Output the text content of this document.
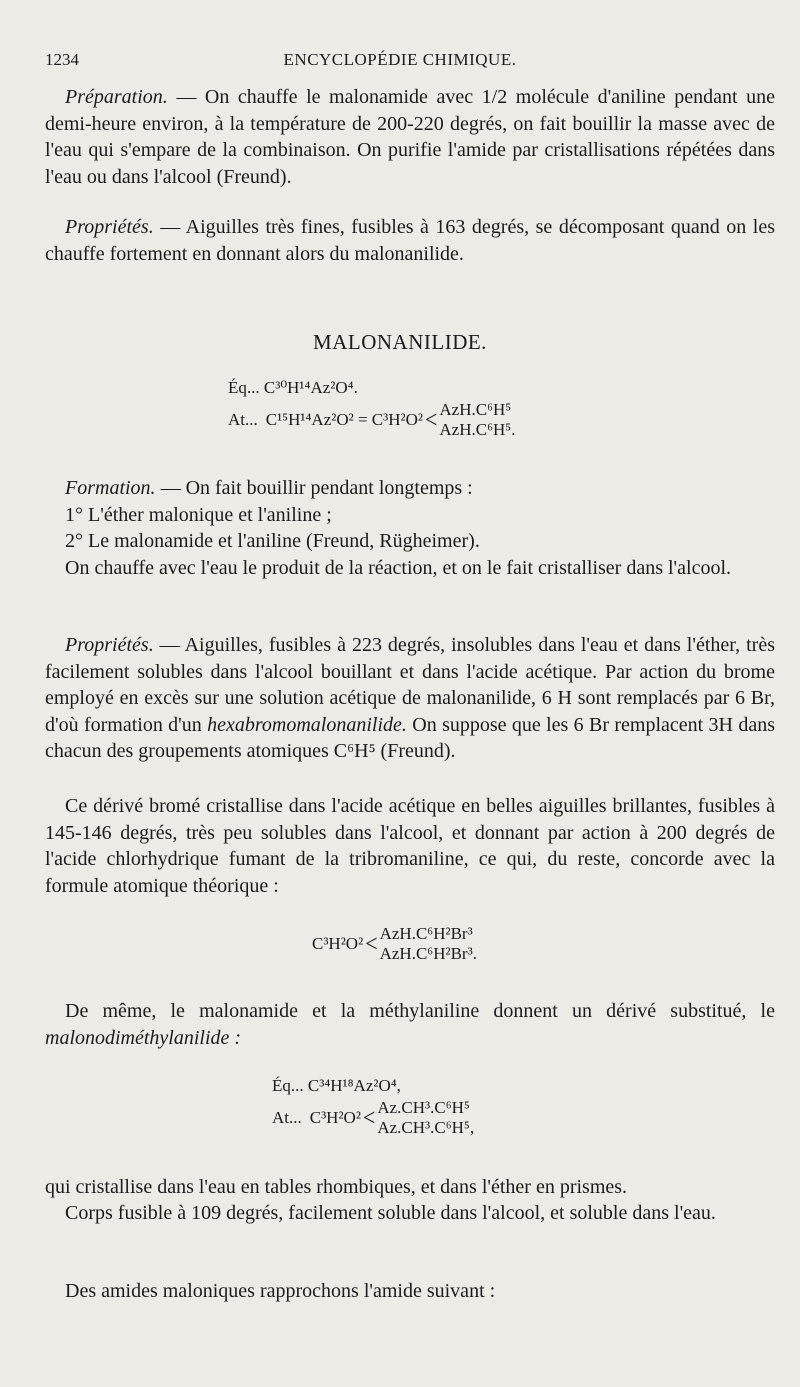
1234	ENCYCLOPÉDIE CHIMIQUE.

Préparation. — On chauffe le malonamide avec 1/2 molécule d'aniline pendant une demi-heure environ, à la température de 200-220 degrés, on fait bouillir la masse avec de l'eau qui s'empare de la combinaison. On purifie l'amide par cristallisations répétées dans l'eau ou dans l'alcool (Freund).

Propriétés. — Aiguilles très fines, fusibles à 163 degrés, se décomposant quand on les chauffe fortement en donnant alors du malonanilide.

MALONANILIDE.
Éq... C³⁰H¹⁴Az²O⁴.
At... C¹⁵H¹⁴Az²O² = C³H²O² < AzH.C⁶H⁵
AzH.C⁶H⁵.

Formation. — On fait bouillir pendant longtemps :

1° L'éther malonique et l'aniline ;

2° Le malonamide et l'aniline (Freund, Rügheimer).

On chauffe avec l'eau le produit de la réaction, et on le fait cristalliser dans l'alcool.

Propriétés. — Aiguilles, fusibles à 223 degrés, insolubles dans l'eau et dans l'éther, très facilement solubles dans l'alcool bouillant et dans l'acide acétique. Par action du brome employé en excès sur une solution acétique de malonanilide, 6 H sont remplacés par 6 Br, d'où formation d'un hexabromomalonanilide. On suppose que les 6 Br remplacent 3H dans chacun des groupements atomiques C⁶H⁵ (Freund).

Ce dérivé bromé cristallise dans l'acide acétique en belles aiguilles brillantes, fusibles à 145-146 degrés, très peu solubles dans l'alcool, et donnant par action à 200 degrés de l'acide chlorhydrique fumant de la tribromaniline, ce qui, du reste, concorde avec la formule atomique théorique :

C³H²O² < AzH.C⁶H²Br³
AzH.C⁶H²Br³.

De même, le malonamide et la méthylaniline donnent un dérivé substitué, le malonodiméthylanilide :

Éq... C³⁴H¹⁸Az²O⁴,
At... C³H²O² < Az.CH³.C⁶H⁵
Az.CH³.C⁶H⁵,
qui cristallise dans l'eau en tables rhombiques, et dans l'éther en prismes.

Corps fusible à 109 degrés, facilement soluble dans l'alcool, et soluble dans l'eau.

Des amides maloniques rapprochons l'amide suivant :
